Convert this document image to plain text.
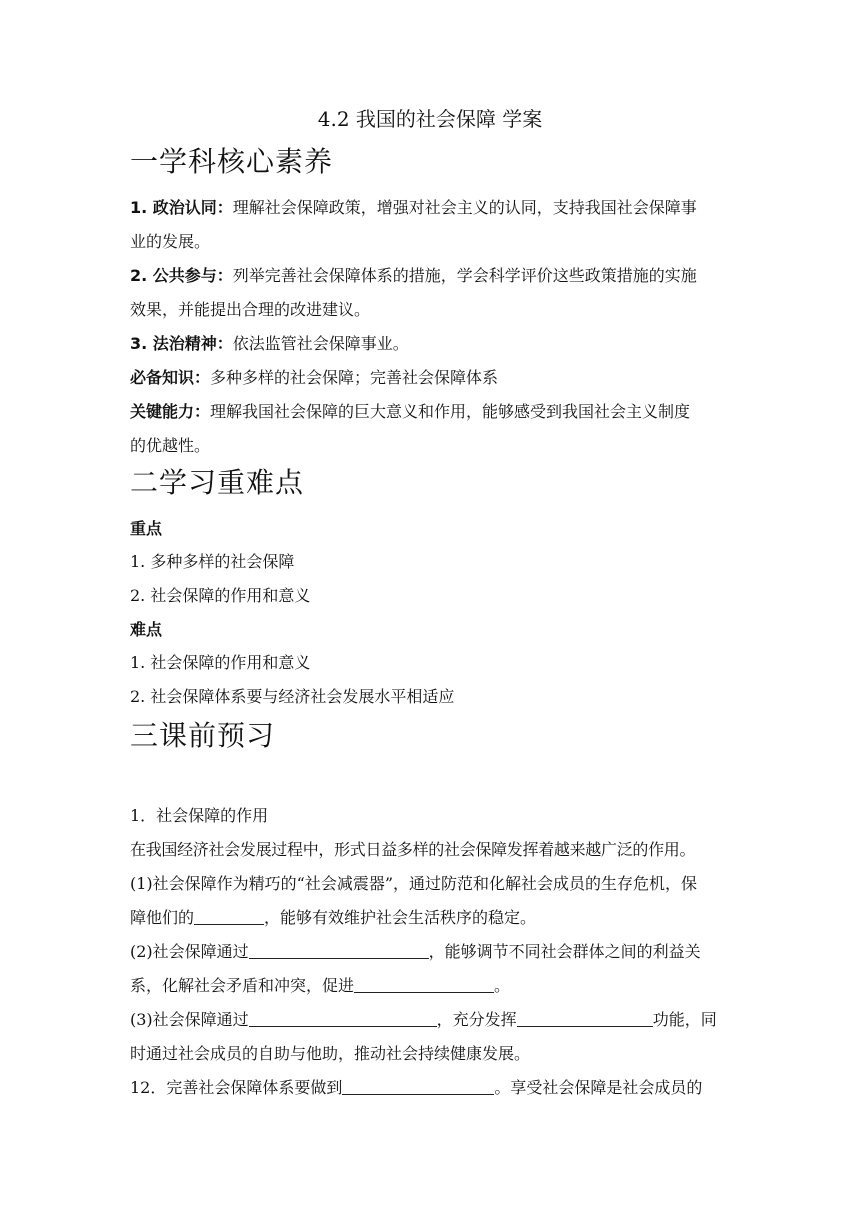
4.2 我国的社会保障 学案
一学科核心素养
1. 政治认同：理解社会保障政策，增强对社会主义的认同，支持我国社会保障事
业的发展。
2. 公共参与：列举完善社会保障体系的措施，学会科学评价这些政策措施的实施
效果，并能提出合理的改进建议。
3. 法治精神：依法监管社会保障事业。
必备知识：多种多样的社会保障；完善社会保障体系
关键能力：理解我国社会保障的巨大意义和作用，能够感受到我国社会主义制度
的优越性。
二学习重难点
重点
1. 多种多样的社会保障
2. 社会保障的作用和意义
难点
1. 社会保障的作用和意义
2. 社会保障体系要与经济社会发展水平相适应
三课前预习
1．社会保障的作用
在我国经济社会发展过程中，形式日益多样的社会保障发挥着越来越广泛的作用。
(1)社会保障作为精巧的“社会减震器”，通过防范和化解社会成员的生存危机，保
障他们的	，能够有效维护社会生活秩序的稳定。
(2)社会保障通过	，能够调节不同社会群体之间的利益关
系，化解社会矛盾和冲突，促进	。
(3)社会保障通过	，充分发挥	功能，同
时通过社会成员的自助与他助，推动社会持续健康发展。
12．完善社会保障体系要做到	。享受社会保障是社会成员的
